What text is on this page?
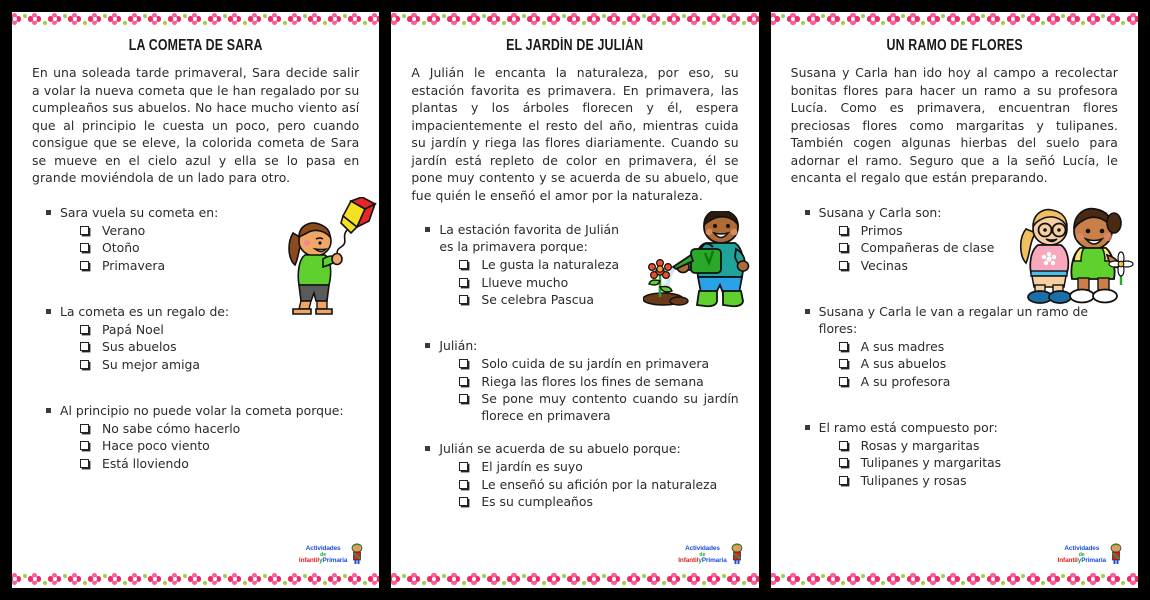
LA COMETA DE SARA
En una soleada tarde primaveral, Sara decide salir a volar la nueva cometa que le han regalado por su cumpleaños sus abuelos. No hace mucho viento así que al principio le cuesta un poco, pero cuando consigue que se eleve, la colorida cometa de Sara se mueve en el cielo azul y ella se lo pasa en grande moviéndola de un lado para otro.
Sara vuela su cometa en:
Verano
Otoño
Primavera
La cometa es un regalo de:
Papá Noel
Sus abuelos
Su mejor amiga
Al principio no puede volar la cometa porque:
No sabe cómo hacerlo
Hace poco viento
Está lloviendo
Actividades
de
InfantilyPrimaria
EL JARDÍN DE JULIÁN
A Julián le encanta la naturaleza, por eso, su estación favorita es primavera. En primavera, las plantas y los árboles florecen y él, espera impacientemente el resto del año, mientras cuida su jardín y riega las flores diariamente. Cuando su jardín está repleto de color en primavera, él se pone muy contento y se acuerda de su abuelo, que fue quién le enseñó el amor por la naturaleza.
La estación favorita de Julián es la primavera porque:
Le gusta la naturaleza
Llueve mucho
Se celebra Pascua
Julián:
Solo cuida de su jardín en primavera
Riega las flores los fines de semana
Se pone muy contento cuando su jardín florece en primavera
Julián se acuerda de su abuelo porque:
El jardín es suyo
Le enseñó su afición por la naturaleza
Es su cumpleaños
Actividades
de
InfantilyPrimaria
UN RAMO DE FLORES
Susana y Carla han ido hoy al campo a recolectar bonitas flores para hacer un ramo a su profesora Lucía. Como es primavera, encuentran flores preciosas flores como margaritas y tulipanes. También cogen algunas hierbas del suelo para adornar el ramo. Seguro que a la señó Lucía, le encanta el regalo que están preparando.
Susana y Carla son:
Primos
Compañeras de clase
Vecinas
Susana y Carla le van a regalar un ramo de flores:
A sus madres
A sus abuelos
A su profesora
El ramo está compuesto por:
Rosas y margaritas
Tulipanes y margaritas
Tulipanes y rosas
Actividades
de
InfantilyPrimaria
